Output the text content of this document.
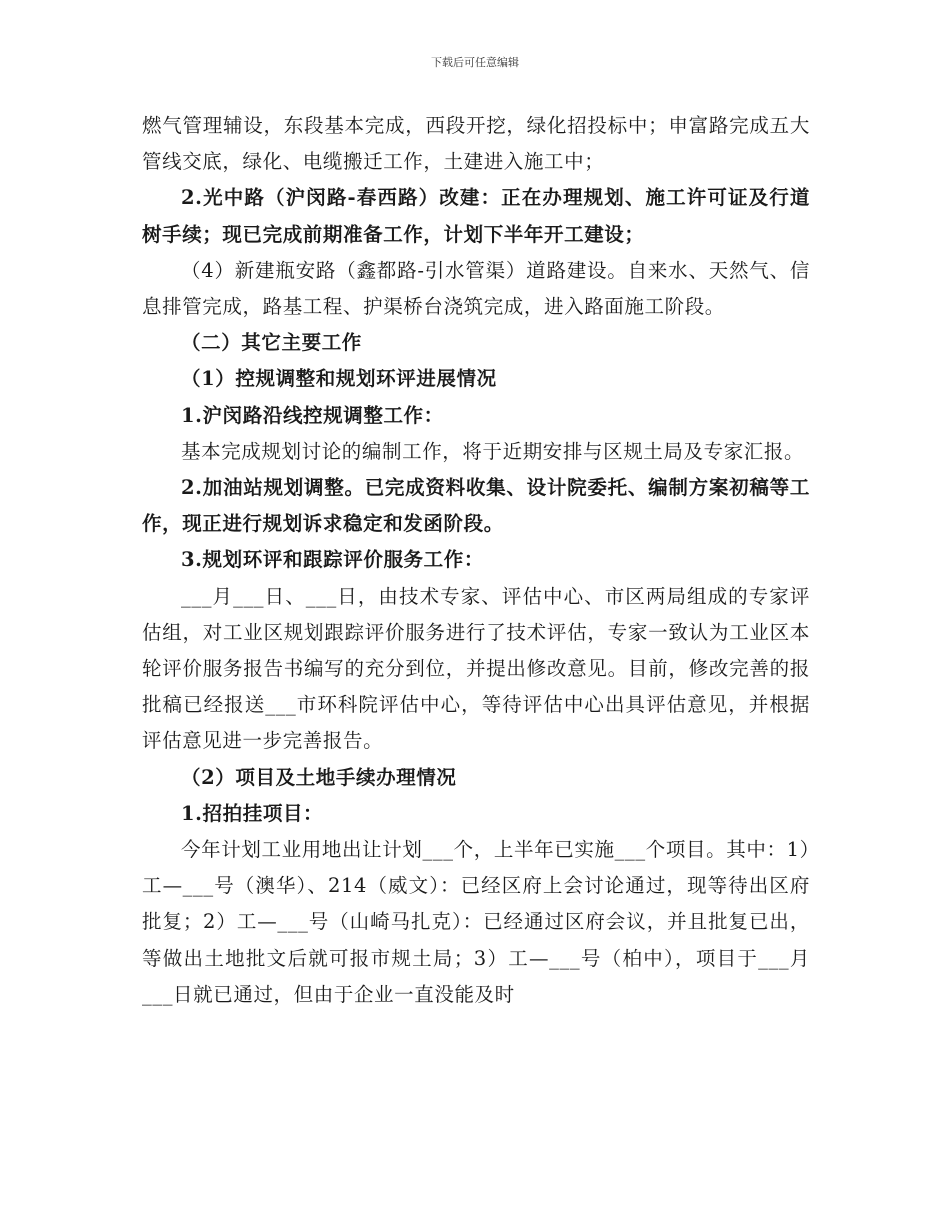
下载后可任意编辑

燃气管理辅设，东段基本完成，西段开挖，绿化招投标中；申富路完成五大管线交底，绿化、电缆搬迁工作，土建进入施工中；

2.光中路（沪闵路-春西路）改建：正在办理规划、施工许可证及行道树手续；现已完成前期准备工作，计划下半年开工建设；

（4）新建瓶安路（鑫都路-引水管渠）道路建设。自来水、天然气、信息排管完成，路基工程、护渠桥台浇筑完成，进入路面施工阶段。

（二）其它主要工作

（1）控规调整和规划环评进展情况

1.沪闵路沿线控规调整工作：

基本完成规划讨论的编制工作，将于近期安排与区规土局及专家汇报。

2.加油站规划调整。已完成资料收集、设计院委托、编制方案初稿等工作，现正进行规划诉求稳定和发函阶段。

3.规划环评和跟踪评价服务工作：

___月___日、___日，由技术专家、评估中心、市区两局组成的专家评估组，对工业区规划跟踪评价服务进行了技术评估，专家一致认为工业区本轮评价服务报告书编写的充分到位，并提出修改意见。目前，修改完善的报批稿已经报送___市环科院评估中心，等待评估中心出具评估意见，并根据评估意见进一步完善报告。

（2）项目及土地手续办理情况

1.招拍挂项目：

今年计划工业用地出让计划___个，上半年已实施___个项目。其中：1）工—___号（澳华）、214（威文）：已经区府上会讨论通过，现等待出区府批复；2）工—___号（山崎马扎克）：已经通过区府会议，并且批复已出，等做出土地批文后就可报市规土局；3）工—___号（柏中），项目于___月___日就已通过，但由于企业一直没能及时
